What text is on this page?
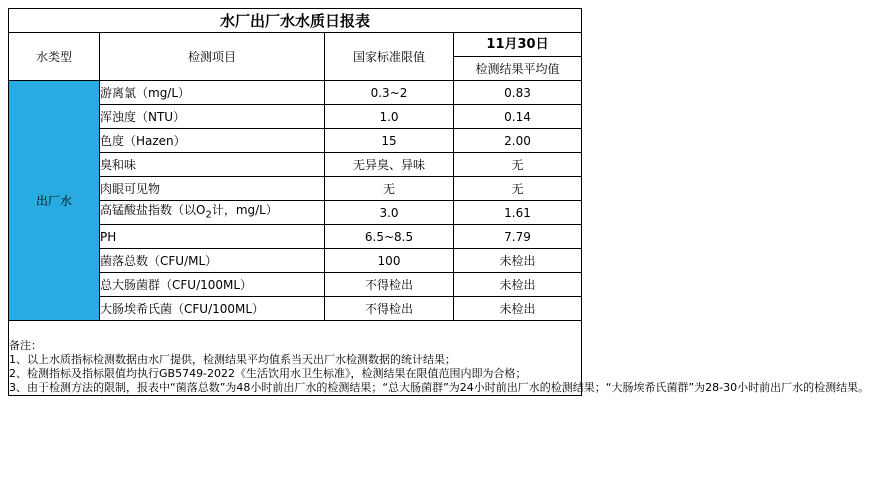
水厂出厂水水质日报表			
水类型	检测项目	国家标准限值	11月30日
			检测结果平均值
出厂水	游离氯（mg/L）	0.3~2	0.83
	浑浊度（NTU）	1.0	0.14
	色度（Hazen）	15	2.00
	臭和味	无异臭、异味	无
	肉眼可见物	无	无
	高锰酸盐指数（以$O_2$计，mg/L）	3.0	1.61
	PH	6.5~8.5	7.79
	菌落总数（CFU/ML）	100	未检出
	总大肠菌群（CFU/100ML）	不得检出	未检出
	大肠埃希氏菌（CFU/100ML）	不得检出	未检出

备注：
1、以上水质指标检测数据由水厂提供，检测结果平均值系当天出厂水检测数据的统计结果；
2、检测指标及指标限值均执行GB5749-2022《生活饮用水卫生标准》，检测结果在限值范围内即为合格；
3、由于检测方法的限制，报表中“菌落总数”为48小时前出厂水的检测结果；“总大肠菌群”为24小时前出厂水的检测结果；“大肠埃希氏菌群”为28-30小时前出厂水的检测结果。			
